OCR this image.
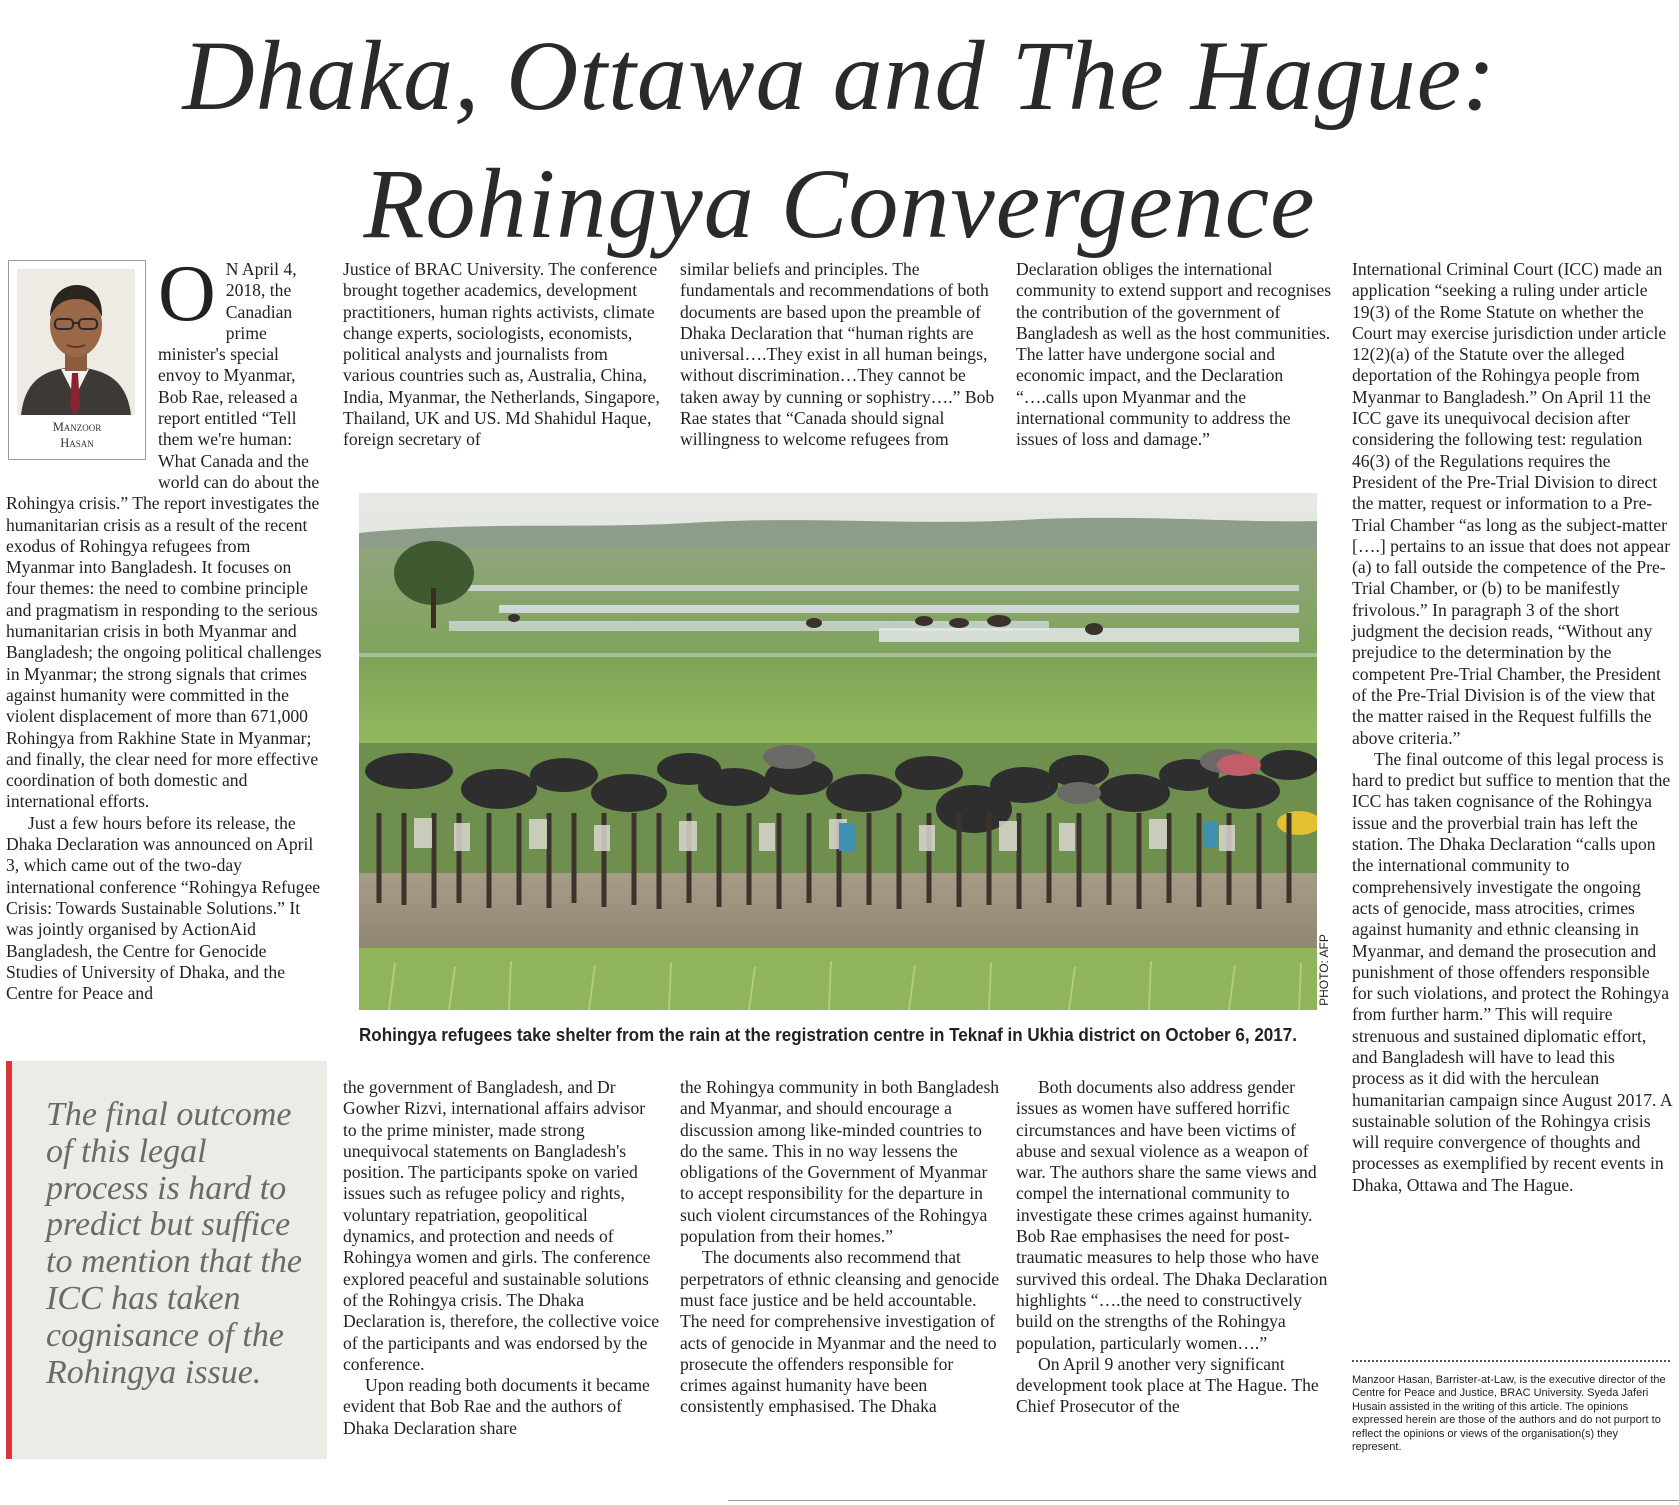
Dhaka, Ottawa and The Hague:
Rohingya Convergence
Manzoor
Hasan

O N April 4, 2018, the Canadian prime minister's special envoy to Myanmar, Bob Rae, released a report entitled “Tell them we're human: What Canada and the world can do about the Rohingya crisis.” The report investigates the humanitarian crisis as a result of the recent exodus of Rohingya refugees from Myanmar into Bangladesh. It focuses on four themes: the need to combine principle and pragmatism in responding to the serious humanitarian crisis in both Myanmar and Bangladesh; the ongoing political challenges in Myanmar; the strong signals that crimes against humanity were committed in the violent displacement of more than 671,000 Rohingya from Rakhine State in Myanmar; and finally, the clear need for more effective coordination of both domestic and international efforts.

Just a few hours before its release, the Dhaka Declaration was announced on April 3, which came out of the two-day international conference “Rohingya Refugee Crisis: Towards Sustainable Solutions.” It was jointly organised by ActionAid Bangladesh, the Centre for Genocide Studies of University of Dhaka, and the Centre for Peace and

The final outcome of this legal process is hard to predict but suffice to mention that the ICC has taken cognisance of the Rohingya issue.

Justice of BRAC University. The conference brought together academics, development practitioners, human rights activists, climate change experts, sociologists, economists, political analysts and journalists from various countries such as, Australia, China, India, Myanmar, the Netherlands, Singapore, Thailand, UK and US. Md Shahidul Haque, foreign secretary of

similar beliefs and principles. The fundamentals and recommendations of both documents are based upon the preamble of Dhaka Declaration that “human rights are universal….They exist in all human beings, without discrimination…They cannot be taken away by cunning or sophistry….” Bob Rae states that “Canada should signal willingness to welcome refugees from

Declaration obliges the international community to extend support and recognises the contribution of the government of Bangladesh as well as the host communities. The latter have undergone social and economic impact, and the Declaration “….calls upon Myanmar and the international community to address the issues of loss and damage.”

PHOTO: AFP
Rohingya refugees take shelter from the rain at the registration centre in Teknaf in Ukhia district on October 6, 2017.

the government of Bangladesh, and Dr Gowher Rizvi, international affairs advisor to the prime minister, made strong unequivocal statements on Bangladesh's position. The participants spoke on varied issues such as refugee policy and rights, voluntary repatriation, geopolitical dynamics, and protection and needs of Rohingya women and girls. The conference explored peaceful and sustainable solutions of the Rohingya crisis. The Dhaka Declaration is, therefore, the collective voice of the participants and was endorsed by the conference.

Upon reading both documents it became evident that Bob Rae and the authors of Dhaka Declaration share

the Rohingya community in both Bangladesh and Myanmar, and should encourage a discussion among like-minded countries to do the same. This in no way lessens the obligations of the Government of Myanmar to accept responsibility for the departure in such violent circumstances of the Rohingya population from their homes.”

The documents also recommend that perpetrators of ethnic cleansing and genocide must face justice and be held accountable. The need for comprehensive investigation of acts of genocide in Myanmar and the need to prosecute the offenders responsible for crimes against humanity have been consistently emphasised. The Dhaka

Both documents also address gender issues as women have suffered horrific circumstances and have been victims of abuse and sexual violence as a weapon of war. The authors share the same views and compel the international community to investigate these crimes against humanity. Bob Rae emphasises the need for post-traumatic measures to help those who have survived this ordeal. The Dhaka Declaration highlights “….the need to constructively build on the strengths of the Rohingya population, particularly women….”

On April 9 another very significant development took place at The Hague. The Chief Prosecutor of the

International Criminal Court (ICC) made an application “seeking a ruling under article 19(3) of the Rome Statute on whether the Court may exercise jurisdiction under article 12(2)(a) of the Statute over the alleged deportation of the Rohingya people from Myanmar to Bangladesh.” On April 11 the ICC gave its unequivocal decision after considering the following test: regulation 46(3) of the Regulations requires the President of the Pre-Trial Division to direct the matter, request or information to a Pre-Trial Chamber “as long as the subject-matter [….] pertains to an issue that does not appear (a) to fall outside the competence of the Pre-Trial Chamber, or (b) to be manifestly frivolous.” In paragraph 3 of the short judgment the decision reads, “Without any prejudice to the determination by the competent Pre-Trial Chamber, the President of the Pre-Trial Division is of the view that the matter raised in the Request fulfills the above criteria.”

The final outcome of this legal process is hard to predict but suffice to mention that the ICC has taken cognisance of the Rohingya issue and the proverbial train has left the station. The Dhaka Declaration “calls upon the international community to comprehensively investigate the ongoing acts of genocide, mass atrocities, crimes against humanity and ethnic cleansing in Myanmar, and demand the prosecution and punishment of those offenders responsible for such violations, and protect the Rohingya from further harm.” This will require strenuous and sustained diplomatic effort, and Bangladesh will have to lead this process as it did with the herculean humanitarian campaign since August 2017. A sustainable solution of the Rohingya crisis will require convergence of thoughts and processes as exemplified by recent events in Dhaka, Ottawa and The Hague.

Manzoor Hasan, Barrister-at-Law, is the executive director of the Centre for Peace and Justice, BRAC University. Syeda Jaferi Husain assisted in the writing of this article. The opinions expressed herein are those of the authors and do not purport to reflect the opinions or views of the organisation(s) they represent.
